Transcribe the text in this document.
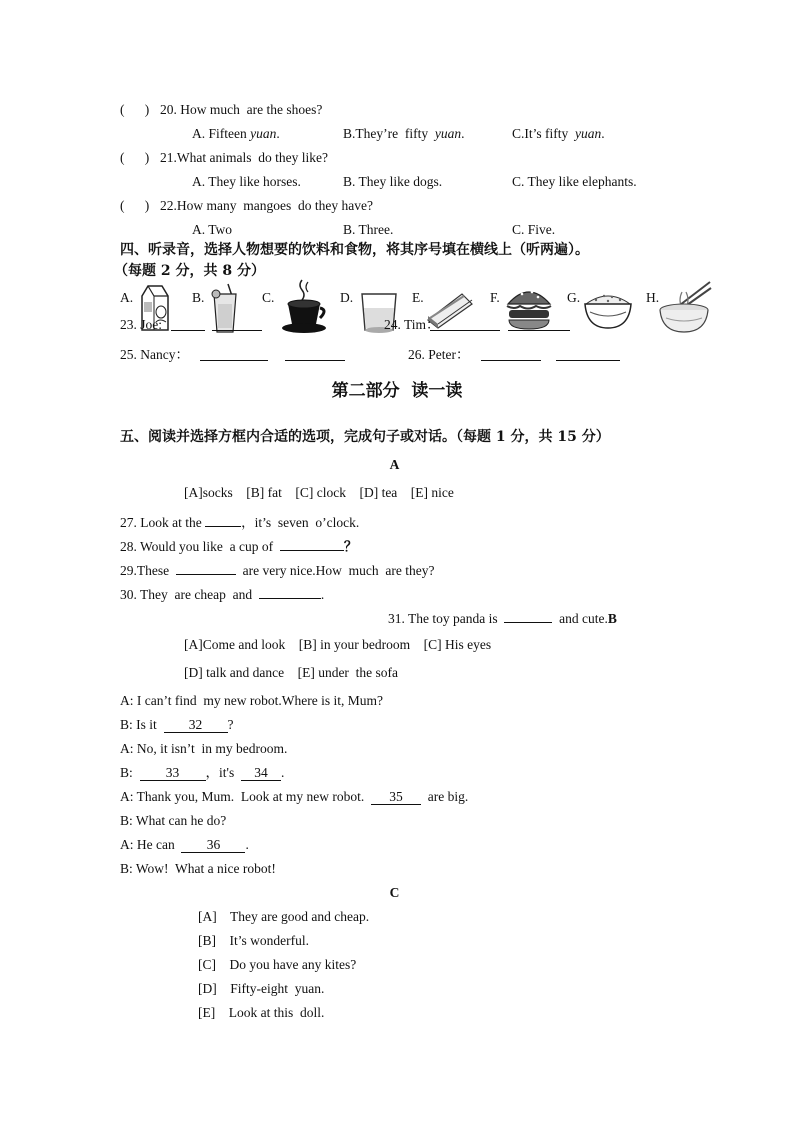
(      ) 20. How much  are the shoes?
A. Fifteen yuan.	B.They’re  fifty  yuan.	C.It’s fifty  yuan.
(      ) 21.What animals  do they like?
A. They like horses.	B. They like dogs.	C. They like elephants.
(      ) 22.How many  mangoes  do they have?
A. Two	B. Three.	C. Five.
四、听录音，选择人物想要的饮料和食物，将其序号填在横线上（听两遍）。
（每题 2 分，共 8 分）
A.	B.	C.	D.	E.	F.	G.	H.
23. Joe:	24. Tim：
25. Nancy：	26. Peter：
第二部分  读一读
五、阅读并选择方框内合适的选项，完成句子或对话。（每题 1 分，共 15 分）
A
[A]socks    [B] fat    [C] clock    [D] tea    [E] nice
27. Look at the	，it’s  seven  o’clock.
28. Would you like  a cup of	？
29.These	are very nice.How  much  are they?
30. They  are cheap  and	.
31. The toy panda is	and cute.B
[A]Come and look    [B] in your bedroom    [C] His eyes
[D] talk and dance    [E] under  the sofa
A: I can’t find  my new robot.Where is it, Mum?
B: Is it  32 ?
A: No, it isn’t  in my bedroom.
B:  33 ，it's  34 .
A: Thank you, Mum.  Look at my new robot.  35  are big.
B: What can he do?
A: He can  36 .
B: Wow!  What a nice robot!
C
[A] They are good and cheap.
[B] It’s wonderful.
[C] Do you have any kites?
[D] Fifty-eight  yuan.
[E] Look at this  doll.
